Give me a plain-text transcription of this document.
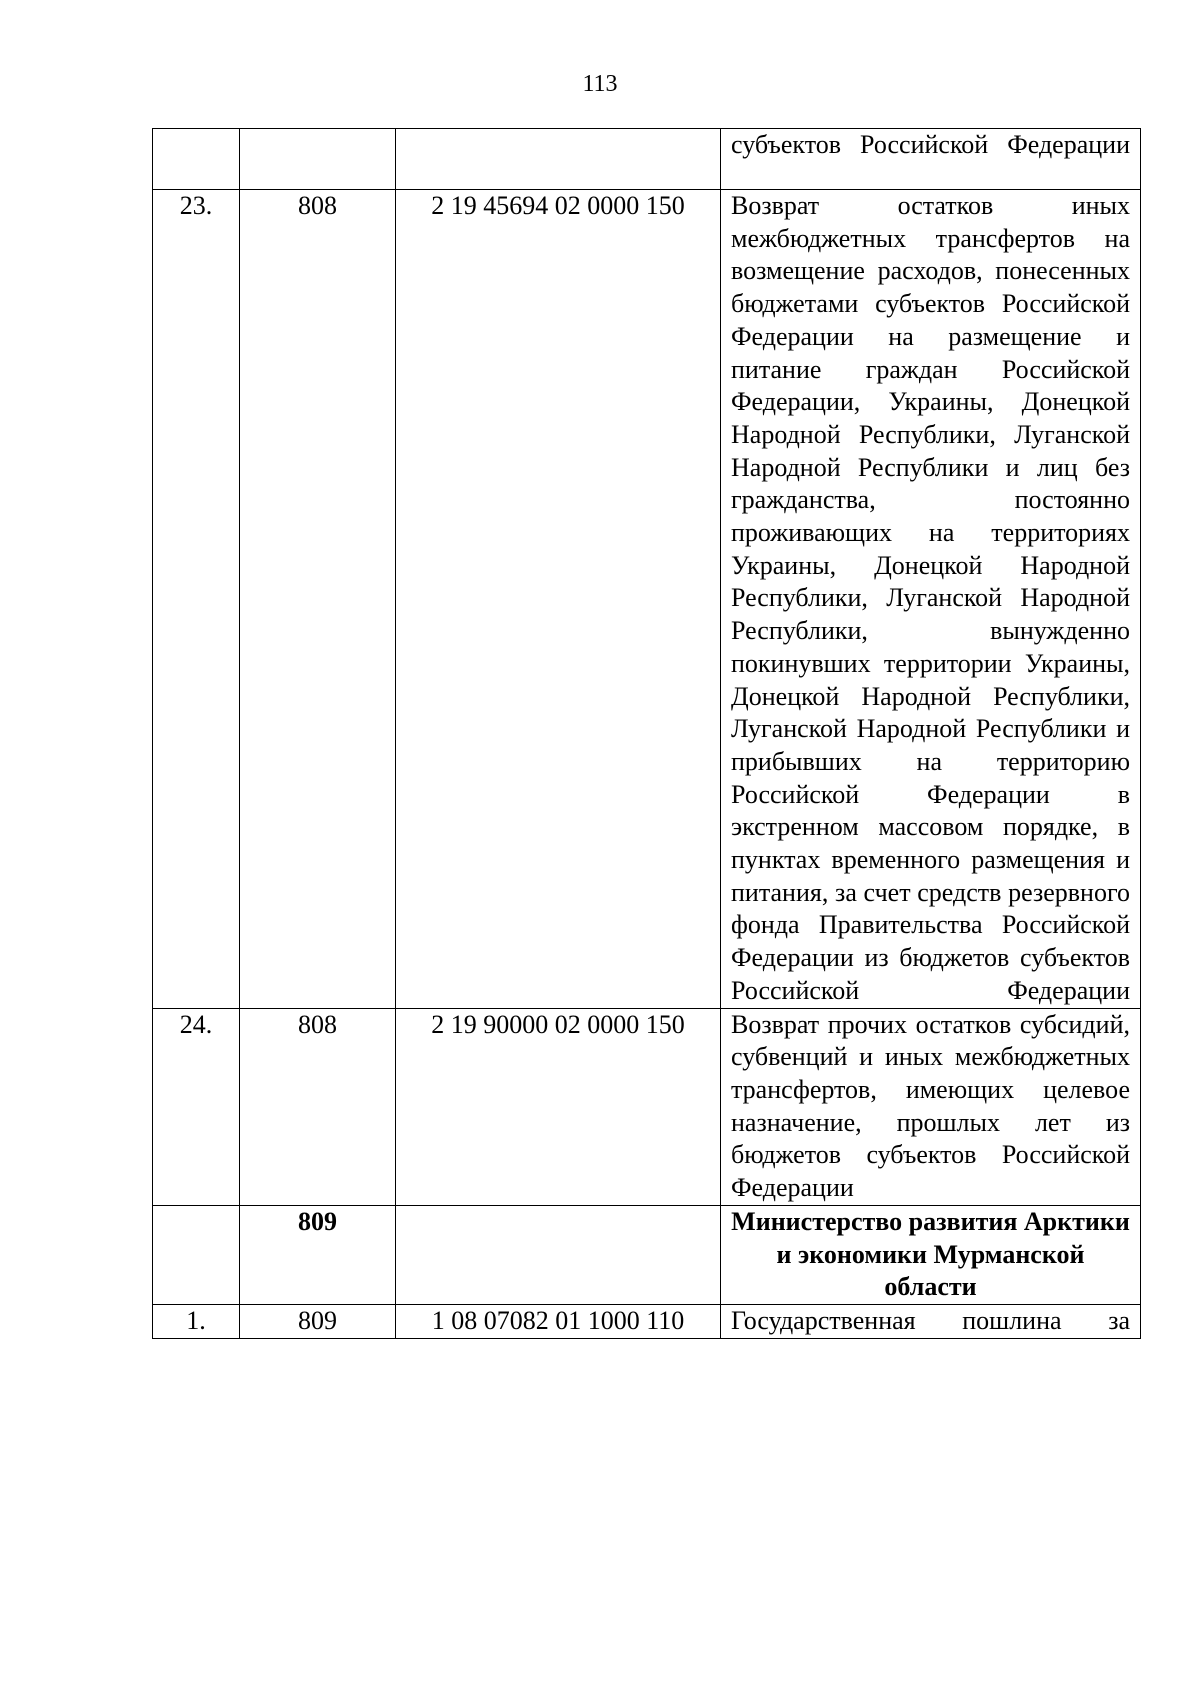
113
			субъектов Российской Федерации
23.	808	2 19 45694 02 0000 150	Возврат остатков иных межбюджетных трансфертов на возмещение расходов, понесенных бюджетами субъектов Российской Федерации на размещение и питание граждан Российской Федерации, Украины, Донецкой Народной Республики, Луганской Народной Республики и лиц без гражданства, постоянно проживающих на территориях Украины, Донецкой Народной Республики, Луганской Народной Республики, вынужденно покинувших территории Украины, Донецкой Народной Республики, Луганской Народной Республики и прибывших на территорию Российской Федерации в экстренном массовом порядке, в пунктах временного размещения и питания, за счет средств резервного фонда Правительства Российской Федерации из бюджетов субъектов Российской Федерации
24.	808	2 19 90000 02 0000 150	Возврат прочих остатков субсидий, субвенций и иных межбюджетных трансфертов, имеющих целевое назначение, прошлых лет из бюджетов субъектов Российской Федерации
	809		Министерство развития Арктики и экономики Мурманской области
1.	809	1 08 07082 01 1000 110	Государственная пошлина за
